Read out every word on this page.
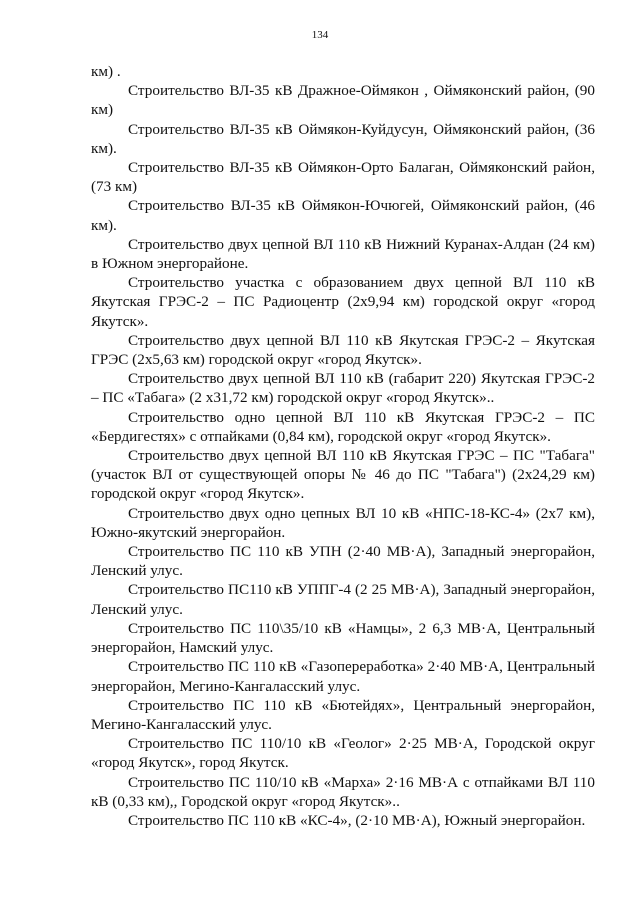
134

км) .

Строительство ВЛ-35 кВ Дражное-Оймякон , Оймяконский район, (90 км)

Строительство ВЛ-35 кВ Оймякон-Куйдусун, Оймяконский район, (36 км).

Строительство ВЛ-35 кВ Оймякон-Орто Балаган, Оймяконский район, (73 км)

Строительство ВЛ-35 кВ Оймякон-Ючюгей, Оймяконский район, (46 км).

Строительство двух цепной ВЛ 110 кВ Нижний Куранах-Алдан (24 км) в Южном энергорайоне.

Строительство участка с образованием двух цепной ВЛ 110 кВ Якутская ГРЭС-2 – ПС Радиоцентр (2х9,94 км) городской округ «город Якутск».

Строительство двух цепной ВЛ 110 кВ Якутская ГРЭС-2 – Якутская ГРЭС (2х5,63 км) городской округ «город Якутск».

Строительство двух цепной ВЛ 110 кВ (габарит 220) Якутская ГРЭС-2 – ПС «Табага» (2 х31,72 км) городской округ «город Якутск»..

Строительство одно цепной ВЛ 110 кВ Якутская ГРЭС-2 – ПС «Бердигестях» с отпайками (0,84 км), городской округ «город Якутск».

Строительство двух цепной ВЛ 110 кВ Якутская ГРЭС – ПС "Табага" (участок ВЛ от существующей опоры № 46 до ПС "Табага") (2х24,29 км) городской округ «город Якутск».

Строительство двух одно цепных ВЛ 10 кВ «НПС-18-КС-4» (2х7 км), Южно-якутский энергорайон.

Строительство ПС 110 кВ УПН (2·40 МВ·А), Западный энергорайон, Ленский улус.

Строительство ПС110 кВ УППГ-4 (2 25 МВ·А), Западный энергорайон, Ленский улус.

Строительство ПС 110\35/10 кВ «Намцы», 2 6,3 МВ·А, Центральный энергорайон, Намский улус.

Строительство ПС 110 кВ «Газопереработка» 2·40 МВ·А, Центральный энергорайон, Мегино-Кангаласский улус.

Строительство ПС 110 кВ «Бютейдях», Центральный энергорайон, Мегино-Кангаласский улус.

Строительство ПС 110/10 кВ «Геолог» 2·25 МВ·А, Городской округ «город Якутск», город Якутск.

Строительство ПС 110/10 кВ «Марха» 2·16 МВ·А с отпайками ВЛ 110 кВ (0,33 км),, Городской округ «город Якутск»..

Строительство ПС 110 кВ «КС-4», (2·10 МВ·А), Южный энергорайон.
